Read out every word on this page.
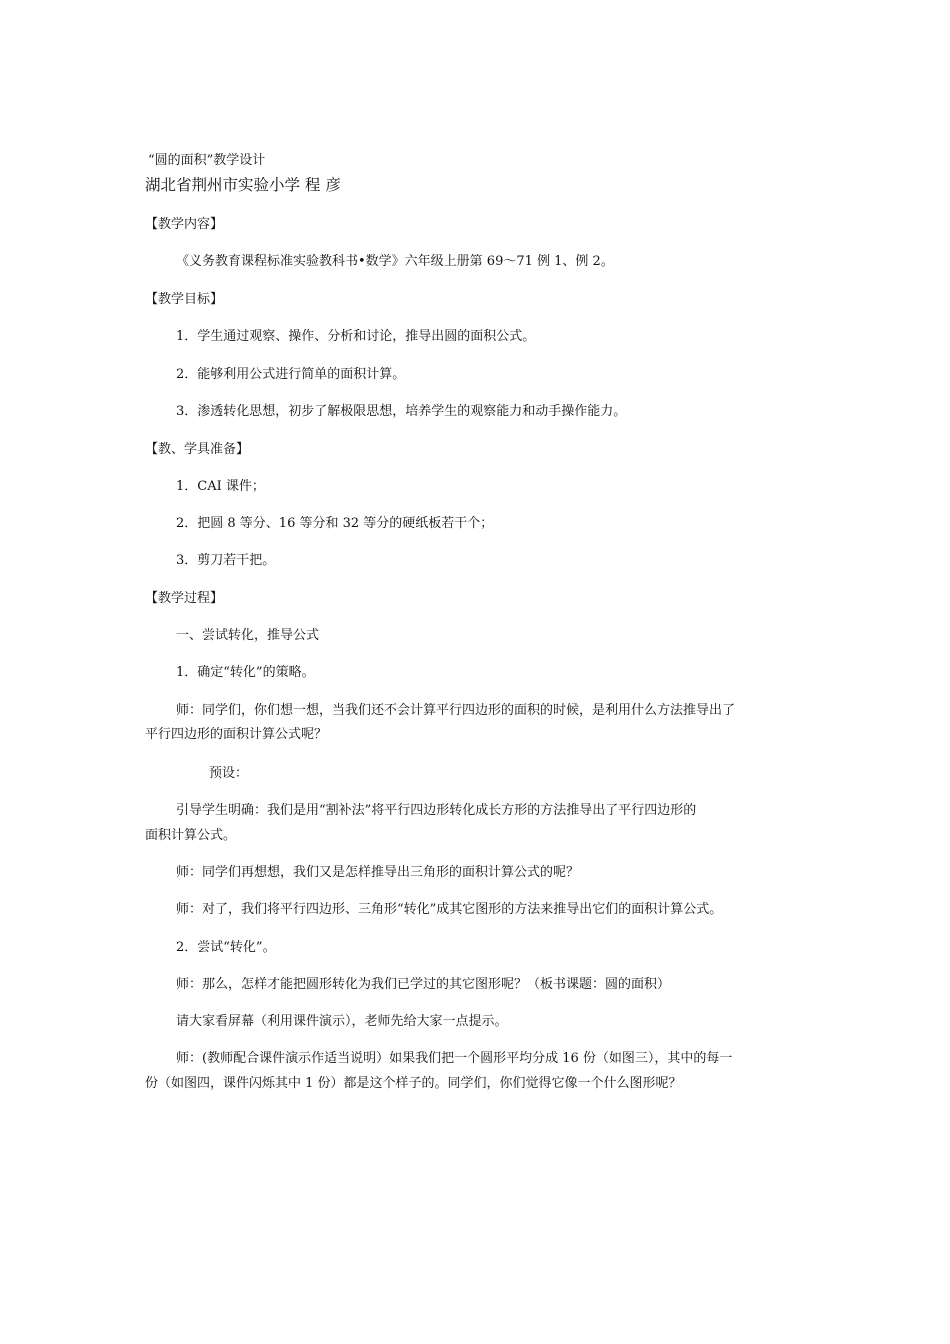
“圆的面积”教学设计
湖北省荆州市实验小学 程 彦
【教学内容】
《义务教育课程标准实验教科书•数学》六年级上册第 69～71 例 1、例 2。
【教学目标】
1．学生通过观察、操作、分析和讨论，推导出圆的面积公式。
2．能够利用公式进行简单的面积计算。
3．渗透转化思想，初步了解极限思想，培养学生的观察能力和动手操作能力。
【教、学具准备】
1．CAI 课件；
2．把圆 8 等分、16 等分和 32 等分的硬纸板若干个；
3．剪刀若干把。
【教学过程】
一、尝试转化，推导公式
1．确定“转化”的策略。
师：同学们，你们想一想，当我们还不会计算平行四边形的面积的时候，是利用什么方法推导出了
平行四边形的面积计算公式呢？
预设：
引导学生明确：我们是用“割补法”将平行四边形转化成长方形的方法推导出了平行四边形的
面积计算公式。
师：同学们再想想，我们又是怎样推导出三角形的面积计算公式的呢？
师：对了，我们将平行四边形、三角形“转化”成其它图形的方法来推导出它们的面积计算公式。
2．尝试“转化”。
师：那么，怎样才能把圆形转化为我们已学过的其它图形呢？（板书课题：圆的面积）
请大家看屏幕（利用课件演示），老师先给大家一点提示。
师：(教师配合课件演示作适当说明）如果我们把一个圆形平均分成 16 份（如图三），其中的每一
份（如图四，课件闪烁其中 1 份）都是这个样子的。同学们，你们觉得它像一个什么图形呢？
